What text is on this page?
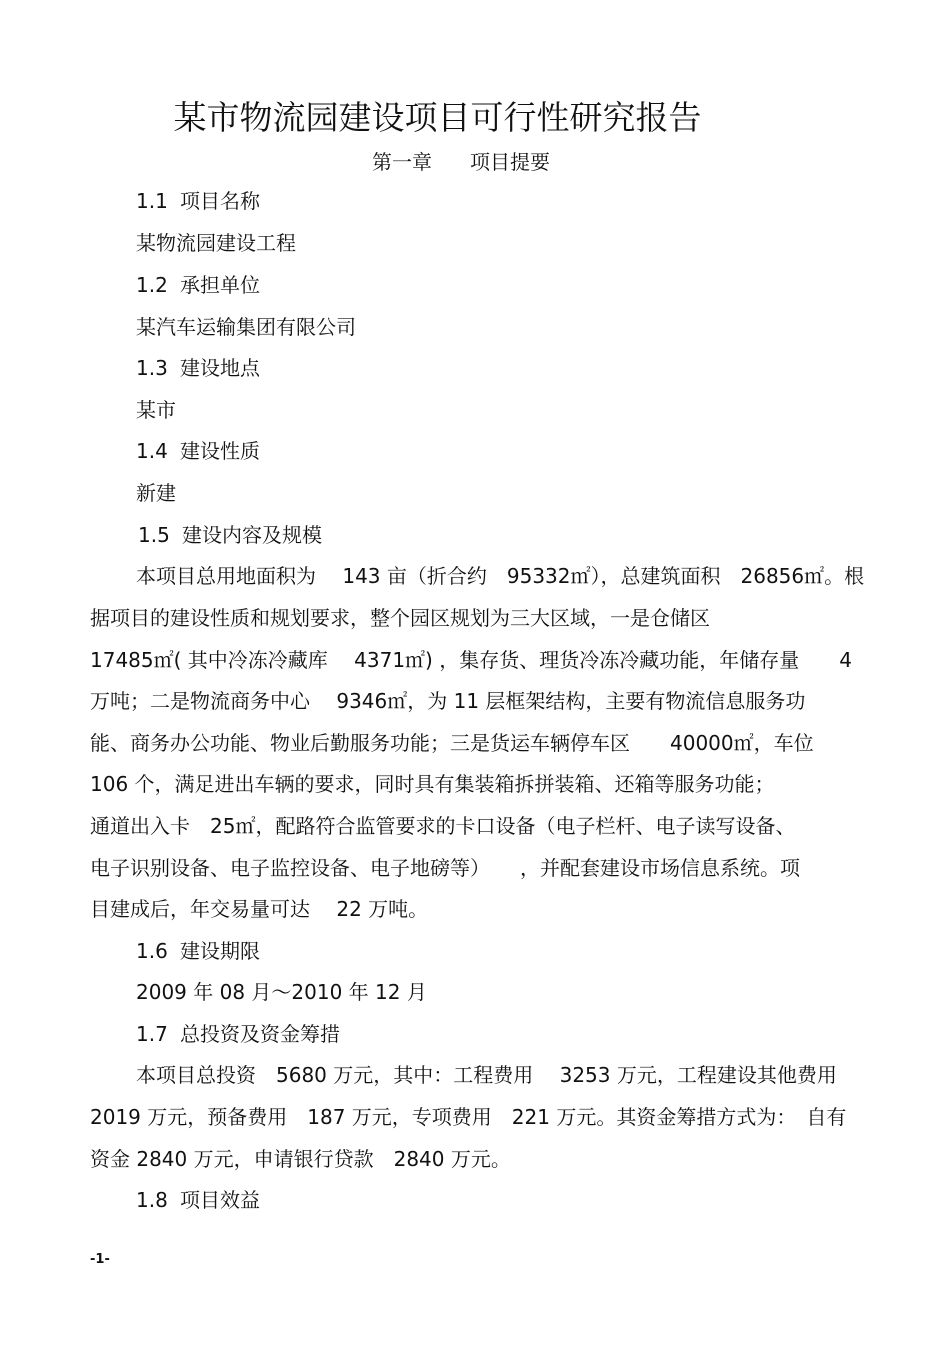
某市物流园建设项目可行性研究报告
第一章 项目提要
1.1 项目名称
某物流园建设工程
1.2 承担单位
某汽车运输集团有限公司
1.3 建设地点
某市
1.4 建设性质
新建
1.5 建设内容及规模
本项目总用地面积为　 143 亩（折合约　95332㎡），总建筑面积　26856㎡。根
据项目的建设性质和规划要求，整个园区规划为三大区域，一是仓储区
17485㎡( 其中冷冻冷藏库　 4371㎡) ，集存货、理货冷冻冷藏功能，年储存量　　4
万吨；二是物流商务中心　 9346㎡，为 11 层框架结构，主要有物流信息服务功
能、商务办公功能、物业后勤服务功能；三是货运车辆停车区　　40000㎡，车位
106 个，满足进出车辆的要求，同时具有集装箱拆拼装箱、还箱等服务功能；
通道出入卡　25㎡，配路符合监管要求的卡口设备（电子栏杆、电子读写设备、
电子识别设备、电子监控设备、电子地磅等）　　，并配套建设市场信息系统。项
目建成后，年交易量可达　 22 万吨。
1.6 建设期限
2009 年 08 月～2010 年 12 月
1.7 总投资及资金筹措
本项目总投资　5680 万元，其中：工程费用　 3253 万元，工程建设其他费用
2019 万元，预备费用　187 万元，专项费用　221 万元。其资金筹措方式为：　自有
资金 2840 万元，申请银行贷款　2840 万元。
1.8 项目效益
-1-
